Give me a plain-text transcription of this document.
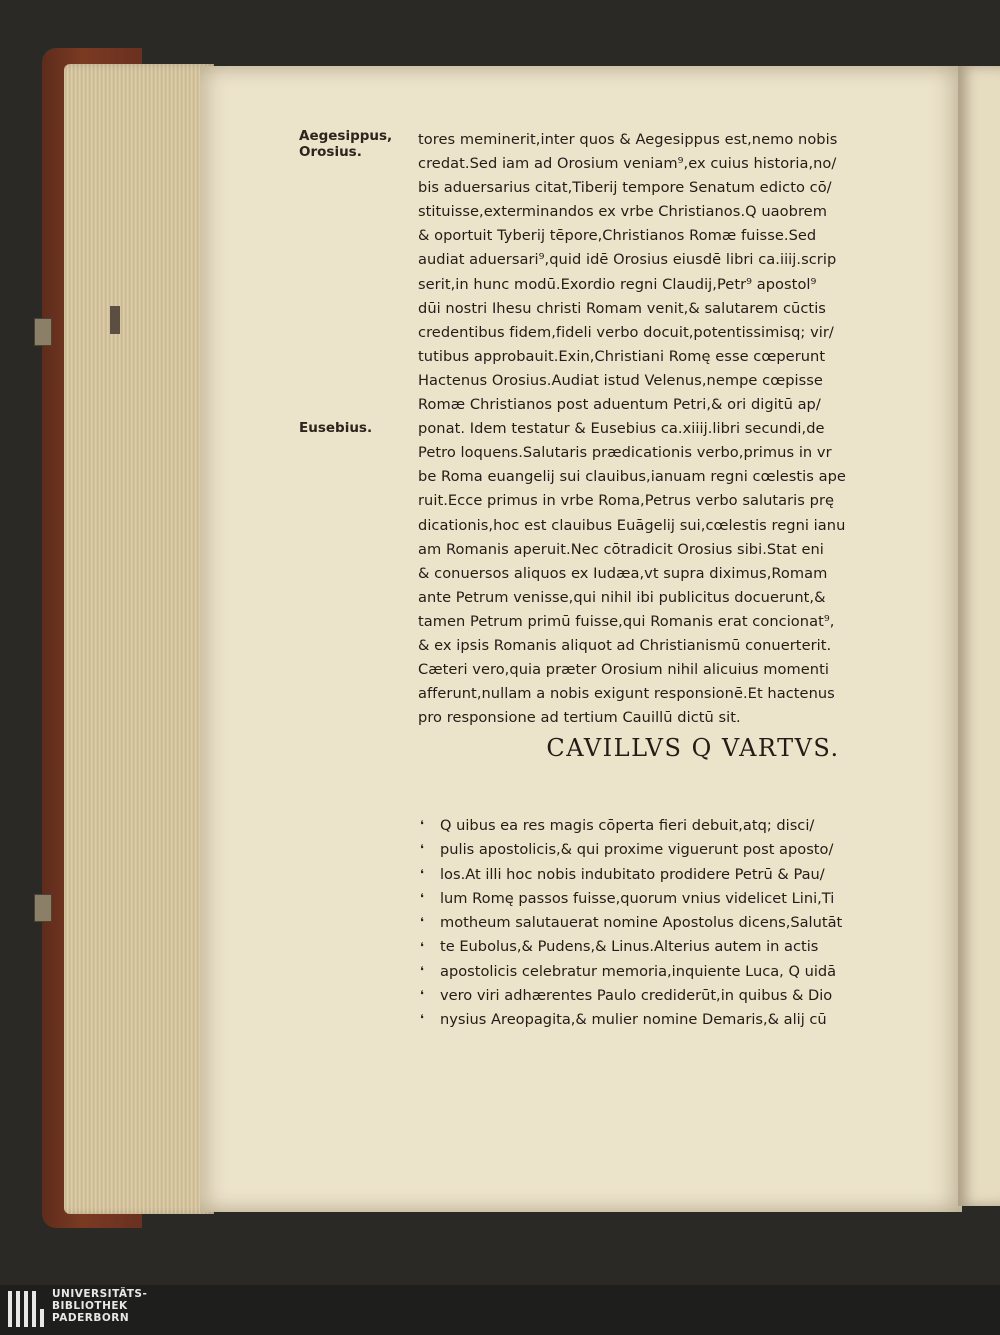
Aegesippus,
Orosius.
Eusebius.
tores meminerit,inter quos & Aegesippus est,nemo nobis
credat.Sed iam ad Orosium veniam⁹,ex cuius historia,no/
bis aduersarius citat,Tiberij tempore Senatum edicto cō/
stituisse,exterminandos ex vrbe Christianos.Q uaobrem
& oportuit Tyberij tēpore,Christianos Romæ fuisse.Sed
audiat aduersari⁹,quid idē Orosius eiusdē libri ca.iiij.scrip
serit,in hunc modū.Exordio regni Claudij,Petr⁹ apostol⁹
dūi nostri Ihesu christi Romam venit,& salutarem cūctis
credentibus fidem,fideli verbo docuit,potentissimisq; vir/
tutibus approbauit.Exin,Christiani Romę esse cœperunt
Hactenus Orosius.Audiat istud Velenus,nempe cœpisse
Romæ Christianos post aduentum Petri,& ori digitū ap/
ponat. Idem testatur & Eusebius ca.xiiij.libri secundi,de
Petro loquens.Salutaris prædicationis verbo,primus in vr
be Roma euangelij sui clauibus,ianuam regni cœlestis ape
ruit.Ecce primus in vrbe Roma,Petrus verbo salutaris prę
dicationis,hoc est clauibus Euāgelij sui,cœlestis regni ianu
am Romanis aperuit.Nec cōtradicit Orosius sibi.Stat eni
& conuersos aliquos ex Iudæa,vt supra diximus,Romam
ante Petrum venisse,qui nihil ibi publicitus docuerunt,&
tamen Petrum primū fuisse,qui Romanis erat concionat⁹,
& ex ipsis Romanis aliquot ad Christianismū conuerterit.
Cæteri vero,quia præter Orosium nihil alicuius momenti
afferunt,nullam a nobis exigunt responsionē.Et hactenus
pro responsione ad tertium Cauillū dictū sit.
CAVILLVS Q VARTVS.
Q uibus ea res magis cōperta fieri debuit,atq; disci/
pulis apostolicis,& qui proxime viguerunt post aposto/
los.At illi hoc nobis indubitato prodidere Petrū & Pau/
lum Romę passos fuisse,quorum vnius videlicet Lini,Ti
motheum salutauerat nomine Apostolus dicens,Salutāt
te Eubolus,& Pudens,& Linus.Alterius autem in actis
apostolicis celebratur memoria,inquiente Luca, Q uidā
vero viri adhærentes Paulo crediderūt,in quibus & Dio
nysius Areopagita,& mulier nomine Demaris,& alij cū
❛
❛
❛
❛
❛
❛
❛
❛
❛
UNIVERSITÄTS-
BIBLIOTHEK
PADERBORN
